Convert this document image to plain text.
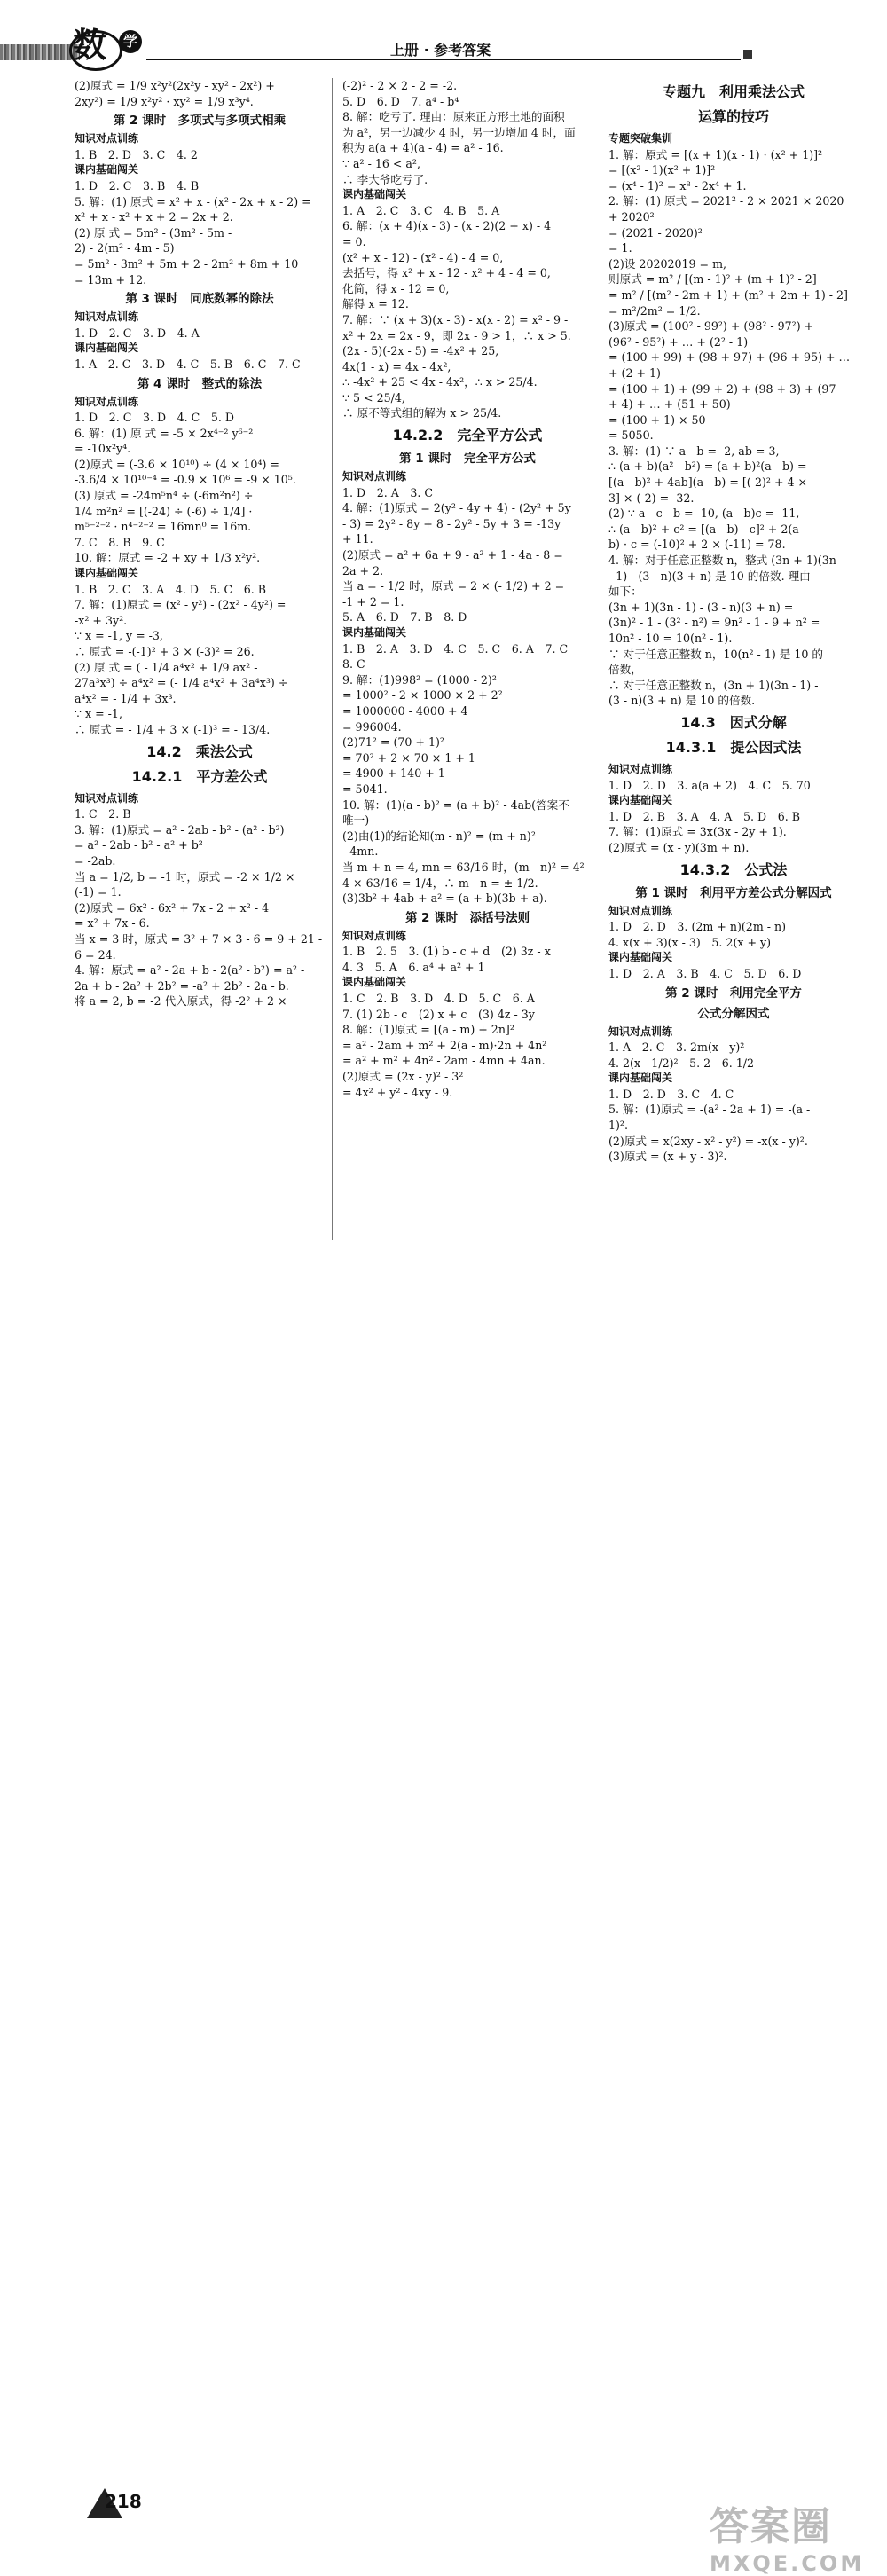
数	学
上册 · 参考答案
(2)原式 = 1/9 x²y²(2x²y - xy² - 2x²) +
2xy²) = 1/9 x²y² · xy² = 1/9 x³y⁴.
第 2 课时　多项式与多项式相乘
知识对点训练
1. B　2. D　3. C　4. 2
课内基础闯关
1. D　2. C　3. B　4. B
5. 解：(1) 原式 = x² + x - (x² - 2x + x - 2) =
x² + x - x² + x + 2 = 2x + 2.
(2) 原 式 = 5m² - (3m² - 5m -
2) - 2(m² - 4m - 5)
= 5m² - 3m² + 5m + 2 - 2m² + 8m + 10
= 13m + 12.
第 3 课时　同底数幂的除法
知识对点训练
1. D　2. C　3. D　4. A
课内基础闯关
1. A　2. C　3. D　4. C　5. B　6. C　7. C
第 4 课时　整式的除法
知识对点训练
1. D　2. C　3. D　4. C　5. D
6. 解：(1) 原 式 = -5 × 2x⁴⁻² y⁶⁻²
= -10x²y⁴.
(2)原式 = (-3.6 × 10¹⁰) ÷ (4 × 10⁴) =
-3.6/4 × 10¹⁰⁻⁴ = -0.9 × 10⁶ = -9 × 10⁵.
(3) 原式 = -24m⁵n⁴ ÷ (-6m²n²) ÷
1/4 m²n² = [(-24) ÷ (-6) ÷ 1/4] ·
m⁵⁻²⁻² · n⁴⁻²⁻² = 16mn⁰ = 16m.
7. C　8. B　9. C
10. 解：原式 = -2 + xy + 1/3 x²y².
课内基础闯关
1. B　2. C　3. A　4. D　5. C　6. B
7. 解：(1)原式 = (x² - y²) - (2x² - 4y²) =
-x² + 3y².
∵ x = -1, y = -3,
∴ 原式 = -(-1)² + 3 × (-3)² = 26.
(2) 原 式 = ( - 1/4 a⁴x² + 1/9 ax² -
27a³x³) ÷ a⁴x² = (- 1/4 a⁴x² + 3a⁴x³) ÷
a⁴x² = - 1/4 + 3x³.
∵ x = -1,
∴ 原式 = - 1/4 + 3 × (-1)³ = - 13/4.
14.2　乘法公式
14.2.1　平方差公式
知识对点训练
1. C　2. B
3. 解：(1)原式 = a² - 2ab - b² - (a² - b²)
= a² - 2ab - b² - a² + b²
= -2ab.
当 a = 1/2, b = -1 时，原式 = -2 × 1/2 ×
(-1) = 1.
(2)原式 = 6x² - 6x² + 7x - 2 + x² - 4
= x² + 7x - 6.
当 x = 3 时，原式 = 3² + 7 × 3 - 6 = 9 + 21 -
6 = 24.
4. 解：原式 = a² - 2a + b - 2(a² - b²) = a² -
2a + b - 2a² + 2b² = -a² + 2b² - 2a - b.
将 a = 2, b = -2 代入原式，得 -2² + 2 ×
(-2)² - 2 × 2 - 2 = -2.
5. D　6. D　7. a⁴ - b⁴
8. 解：吃亏了. 理由：原来正方形土地的面积
为 a²，另一边减少 4 时，另一边增加 4 时，面
积为 a(a + 4)(a - 4) = a² - 16.
∵ a² - 16 < a²,
∴ 李大爷吃亏了.
课内基础闯关
1. A　2. C　3. C　4. B　5. A
6. 解：(x + 4)(x - 3) - (x - 2)(2 + x) - 4
= 0.
(x² + x - 12) - (x² - 4) - 4 = 0,
去括号，得 x² + x - 12 - x² + 4 - 4 = 0,
化简，得 x - 12 = 0,
解得 x = 12.
7. 解：∵ (x + 3)(x - 3) - x(x - 2) = x² - 9 -
x² + 2x = 2x - 9，即 2x - 9 > 1，∴ x > 5.
(2x - 5)(-2x - 5) = -4x² + 25,
4x(1 - x) = 4x - 4x²,
∴ -4x² + 25 < 4x - 4x²，∴ x > 25/4.
∵ 5 < 25/4,
∴ 原不等式组的解为 x > 25/4.
14.2.2　完全平方公式
第 1 课时　完全平方公式
知识对点训练
1. D　2. A　3. C
4. 解：(1)原式 = 2(y² - 4y + 4) - (2y² + 5y
- 3) = 2y² - 8y + 8 - 2y² - 5y + 3 = -13y
+ 11.
(2)原式 = a² + 6a + 9 - a² + 1 - 4a - 8 =
2a + 2.
当 a = - 1/2 时，原式 = 2 × (- 1/2) + 2 =
-1 + 2 = 1.
5. A　6. D　7. B　8. D
课内基础闯关
1. B　2. A　3. D　4. C　5. C　6. A　7. C
8. C
9. 解：(1)998² = (1000 - 2)²
= 1000² - 2 × 1000 × 2 + 2²
= 1000000 - 4000 + 4
= 996004.
(2)71² = (70 + 1)²
= 70² + 2 × 70 × 1 + 1
= 4900 + 140 + 1
= 5041.
10. 解：(1)(a - b)² = (a + b)² - 4ab(答案不
唯一)
(2)由(1)的结论知(m - n)² = (m + n)²
- 4mn.
当 m + n = 4, mn = 63/16 时，(m - n)² = 4² -
4 × 63/16 = 1/4，∴ m - n = ± 1/2.
(3)3b² + 4ab + a² = (a + b)(3b + a).
第 2 课时　添括号法则
知识对点训练
1. B　2. 5　3. (1) b - c + d　(2) 3z - x
4. 3　5. A　6. a⁴ + a² + 1
课内基础闯关
1. C　2. B　3. D　4. D　5. C　6. A
7. (1) 2b - c　(2) x + c　(3) 4z - 3y
8. 解：(1)原式 = [(a - m) + 2n]²
= a² - 2am + m² + 2(a - m)·2n + 4n²
= a² + m² + 4n² - 2am - 4mn + 4an.
(2)原式 = (2x - y)² - 3²
= 4x² + y² - 4xy - 9.
专题九　利用乘法公式
运算的技巧
专题突破集训
1. 解：原式 = [(x + 1)(x - 1) · (x² + 1)]²
= [(x² - 1)(x² + 1)]²
= (x⁴ - 1)² = x⁸ - 2x⁴ + 1.
2. 解：(1) 原式 = 2021² - 2 × 2021 × 2020
+ 2020²
= (2021 - 2020)²
= 1.
(2)设 20202019 = m,
则原式 = m² / [(m - 1)² + (m + 1)² - 2]
= m² / [(m² - 2m + 1) + (m² + 2m + 1) - 2]
= m²/2m² = 1/2.
(3)原式 = (100² - 99²) + (98² - 97²) +
(96² - 95²) + … + (2² - 1)
= (100 + 99) + (98 + 97) + (96 + 95) + …
+ (2 + 1)
= (100 + 1) + (99 + 2) + (98 + 3) + (97
+ 4) + … + (51 + 50)
= (100 + 1) × 50
= 5050.
3. 解：(1) ∵ a - b = -2, ab = 3,
∴ (a + b)(a² - b²) = (a + b)²(a - b) =
[(a - b)² + 4ab](a - b) = [(-2)² + 4 ×
3] × (-2) = -32.
(2) ∵ a - c - b = -10, (a - b)c = -11,
∴ (a - b)² + c² = [(a - b) - c]² + 2(a -
b) · c = (-10)² + 2 × (-11) = 78.
4. 解：对于任意正整数 n，整式 (3n + 1)(3n
- 1) - (3 - n)(3 + n) 是 10 的倍数. 理由
如下：
(3n + 1)(3n - 1) - (3 - n)(3 + n) =
(3n)² - 1 - (3² - n²) = 9n² - 1 - 9 + n² =
10n² - 10 = 10(n² - 1).
∵ 对于任意正整数 n，10(n² - 1) 是 10 的
倍数，
∴ 对于任意正整数 n，(3n + 1)(3n - 1) -
(3 - n)(3 + n) 是 10 的倍数.
14.3　因式分解
14.3.1　提公因式法
知识对点训练
1. D　2. D　3. a(a + 2)　4. C　5. 70
课内基础闯关
1. D　2. B　3. A　4. A　5. D　6. B
7. 解：(1)原式 = 3x(3x - 2y + 1).
(2)原式 = (x - y)(3m + n).
14.3.2　公式法
第 1 课时　利用平方差公式分解因式
知识对点训练
1. D　2. D　3. (2m + n)(2m - n)
4. x(x + 3)(x - 3)　5. 2(x + y)
课内基础闯关
1. D　2. A　3. B　4. C　5. D　6. D
第 2 课时　利用完全平方
公式分解因式
知识对点训练
1. A　2. C　3. 2m(x - y)²
4. 2(x - 1/2)²　5. 2　6. 1/2
课内基础闯关
1. D　2. D　3. C　4. C
5. 解：(1)原式 = -(a² - 2a + 1) = -(a -
1)².
(2)原式 = x(2xy - x² - y²) = -x(x - y)².
(3)原式 = (x + y - 3)².
218
答案圈
MXQE.COM
